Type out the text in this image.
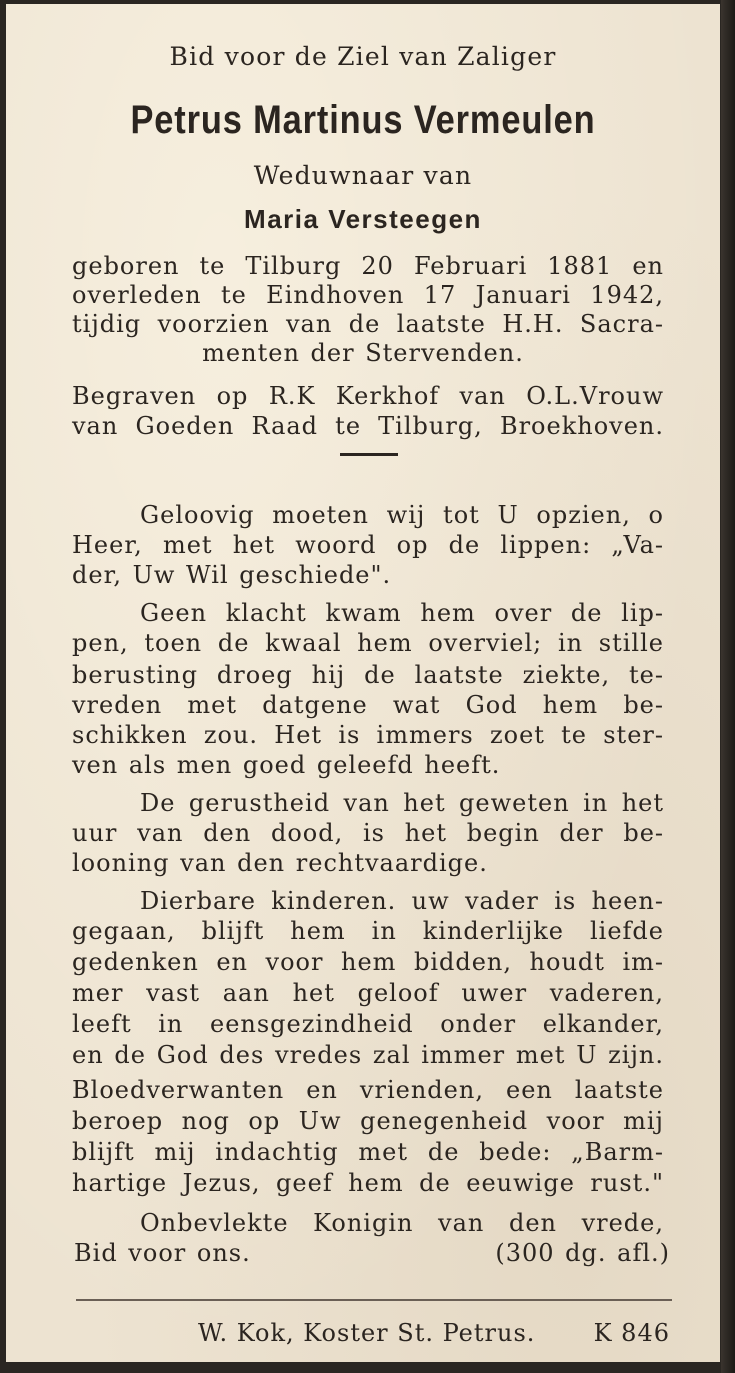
Bid voor de Ziel van Zaliger
Petrus Martinus Vermeulen
Weduwnaar van
Maria Versteegen
geboren te Tilburg 20 Februari 1881 en
overleden te Eindhoven 17 Januari 1942,
tijdig voorzien van de laatste H.H. Sacra-
menten der Stervenden.
Begraven op R.K Kerkhof van O.L.Vrouw
van Goeden Raad te Tilburg, Broekhoven.
Geloovig moeten wij tot U opzien, o
Heer, met het woord op de lippen: „Va-
der, Uw Wil geschiede".
Geen klacht kwam hem over de lip-
pen, toen de kwaal hem overviel; in stille
berusting droeg hij de laatste ziekte, te-
vreden met datgene wat God hem be-
schikken zou. Het is immers zoet te ster-
ven als men goed geleefd heeft.
De gerustheid van het geweten in het
uur van den dood, is het begin der be-
looning van den rechtvaardige.
Dierbare kinderen. uw vader is heen-
gegaan, blijft hem in kinderlijke liefde
gedenken en voor hem bidden, houdt im-
mer vast aan het geloof uwer vaderen,
leeft in eensgezindheid onder elkander,
en de God des vredes zal immer met U zijn.
Bloedverwanten en vrienden, een laatste
beroep nog op Uw genegenheid voor mij
blijft mij indachtig met de bede: „Barm-
hartige Jezus, geef hem de eeuwige rust."
Onbevlekte Konigin van den vrede,
Bid voor ons.	(300 dg. afl.)
W. Kok, Koster St. Petrus. K 846
